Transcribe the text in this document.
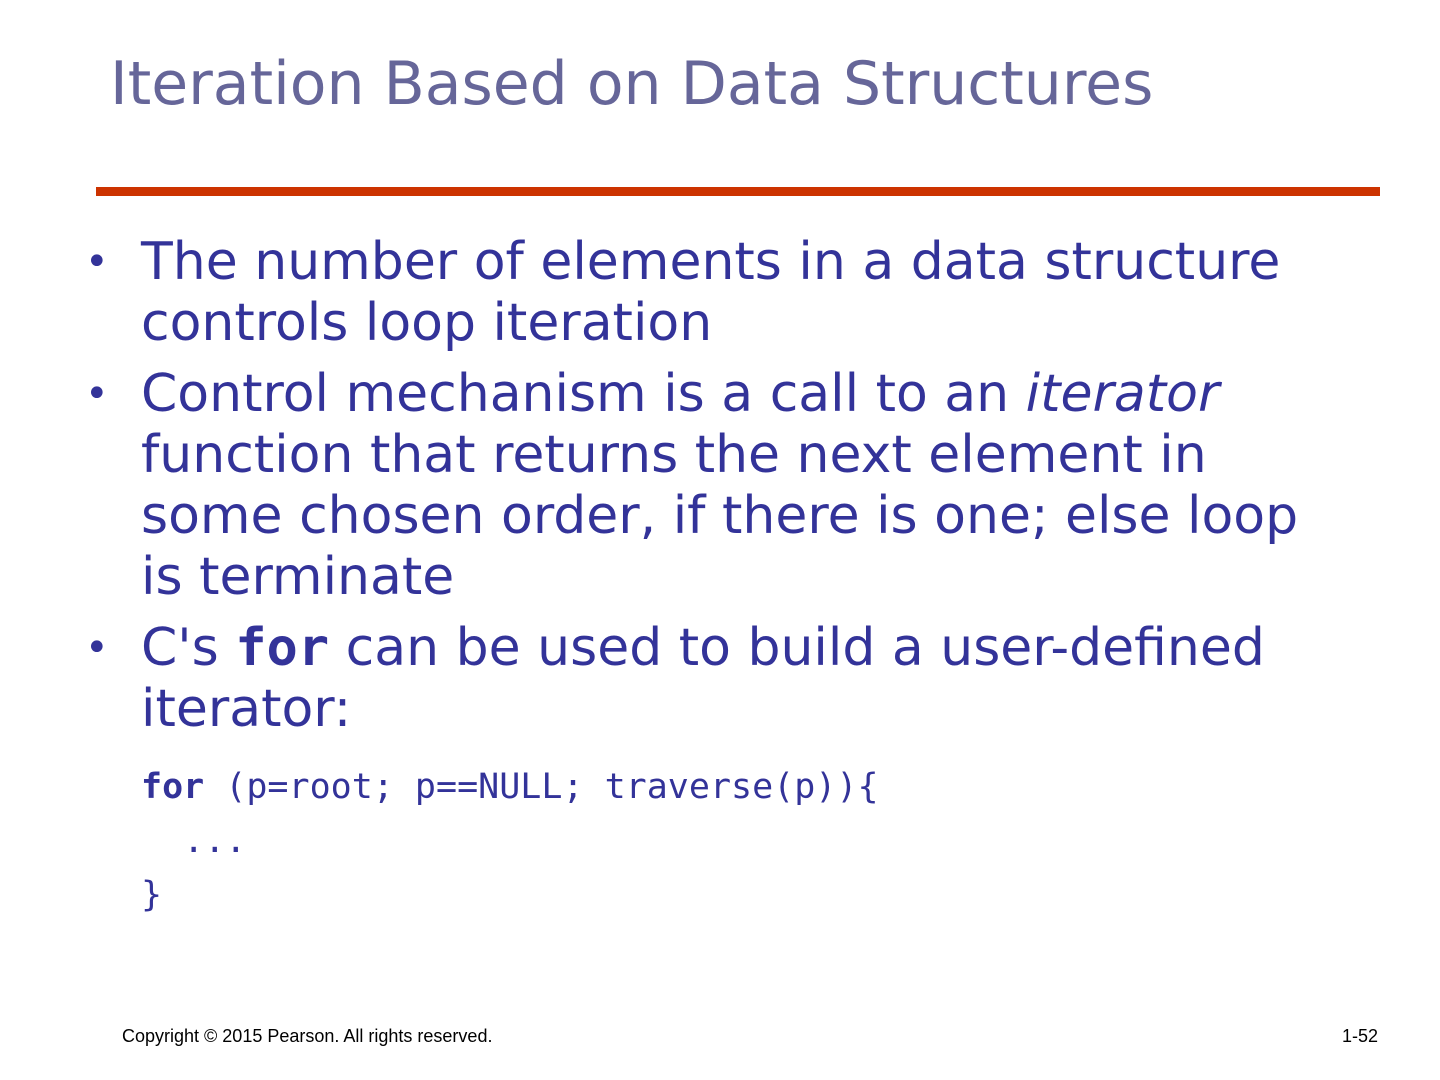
Iteration Based on Data Structures
• The number of elements in a data structure controls loop iteration
• Control mechanism is a call to an iterator function that returns the next element in some chosen order, if there is one; else loop is terminate
• C's for can be used to build a user-defined iterator:
for (p=root; p==NULL; traverse(p)){
...
}
Copyright © 2015 Pearson. All rights reserved.	1-52
